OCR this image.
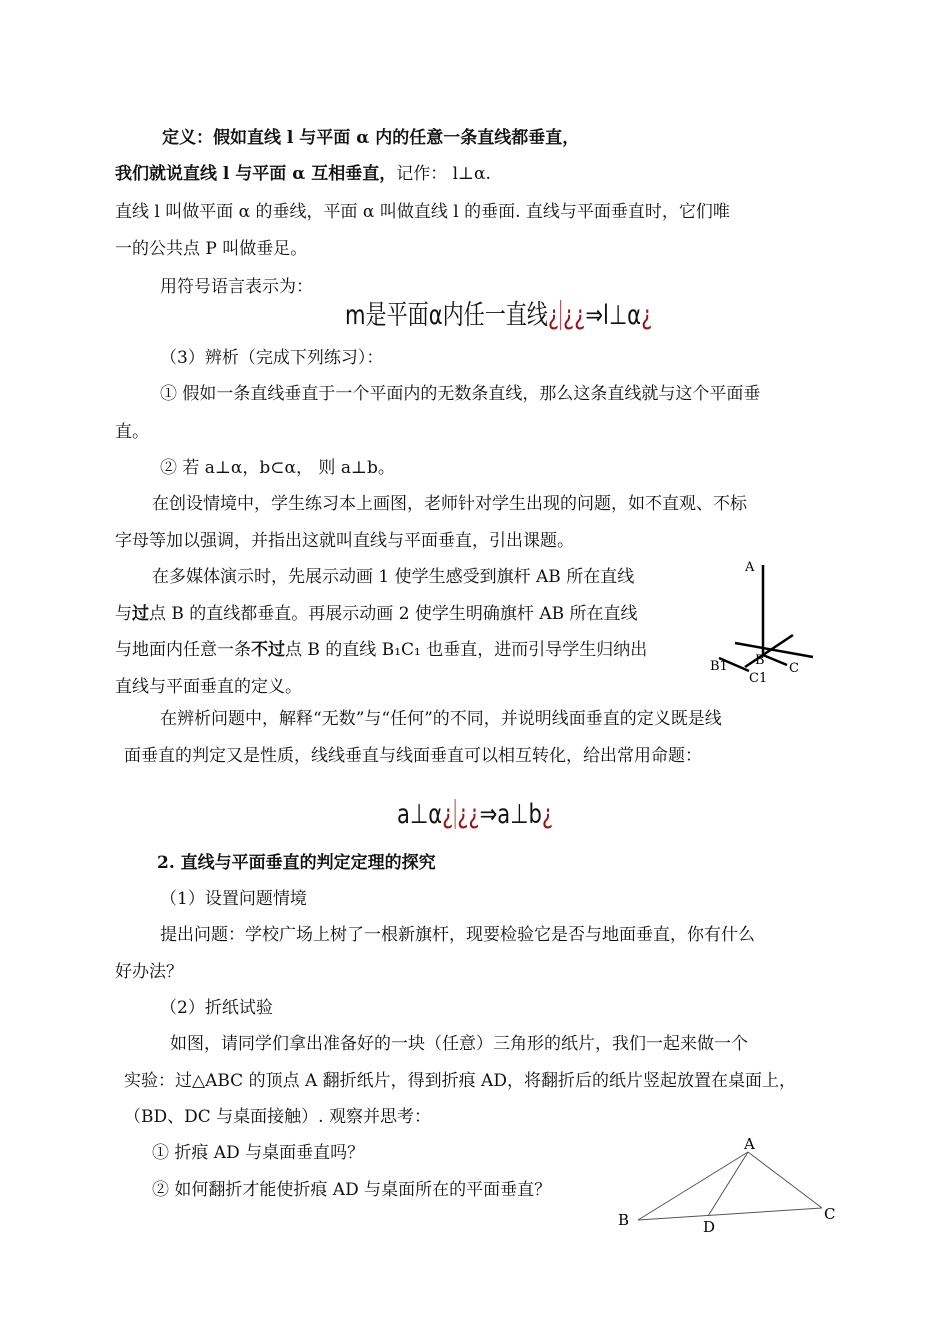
定义：假如直线 l 与平面 α 内的任意一条直线都垂直，
我们就说直线 l 与平面 α 互相垂直，记作： l⊥α.
直线 l 叫做平面 α 的垂线，平面 α 叫做直线 l 的垂面. 直线与平面垂直时，它们唯
一的公共点 P 叫做垂足。
用符号语言表示为：
m是平面α内任一直线¿ ¿¿⇒l⊥α¿
（3）辨析（完成下列练习）：
① 假如一条直线垂直于一个平面内的无数条直线，那么这条直线就与这个平面垂
直。
② 若 a⊥α，b⊂α， 则 a⊥b。
在创设情境中，学生练习本上画图，老师针对学生出现的问题，如不直观、不标
字母等加以强调，并指出这就叫直线与平面垂直，引出课题。
在多媒体演示时，先展示动画 1 使学生感受到旗杆 AB 所在直线
与过点 B 的直线都垂直。再展示动画 2 使学生明确旗杆 AB 所在直线
与地面内任意一条不过点 B 的直线 B₁C₁ 也垂直，进而引导学生归纳出
直线与平面垂直的定义。
A
B
B1	C
C1
在辨析问题中，解释“无数”与“任何”的不同，并说明线面垂直的定义既是线
面垂直的判定又是性质，线线垂直与线面垂直可以相互转化，给出常用命题：
a⊥α¿ ¿¿⇒a⊥b¿
2. 直线与平面垂直的判定定理的探究
（1）设置问题情境
提出问题：学校广场上树了一根新旗杆，现要检验它是否与地面垂直，你有什么
好办法？
（2）折纸试验
如图，请同学们拿出准备好的一块（任意）三角形的纸片，我们一起来做一个
实验：过△ABC 的顶点 A 翻折纸片，得到折痕 AD，将翻折后的纸片竖起放置在桌面上，
（BD、DC 与桌面接触）. 观察并思考：
① 折痕 AD 与桌面垂直吗？
② 如何翻折才能使折痕 AD 与桌面所在的平面垂直？
A
B	C
D
